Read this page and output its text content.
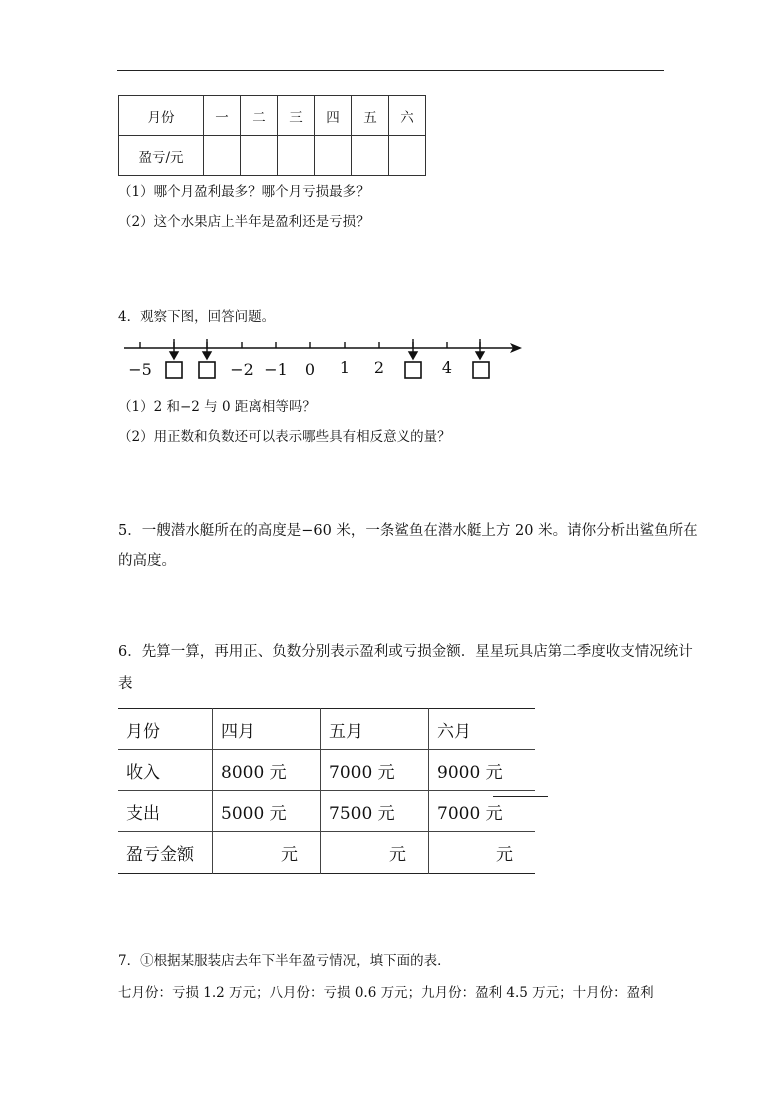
月份	一	二	三	四	五	六
盈亏/元						
（1）哪个月盈利最多？哪个月亏损最多？
（2）这个水果店上半年是盈利还是亏损？
4．观察下图，回答问题。
−5	−2 −1 0 1 2	4
（1）2 和−2 与 0 距离相等吗？
（2）用正数和负数还可以表示哪些具有相反意义的量？
5．一艘潜水艇所在的高度是−60 米，一条鲨鱼在潜水艇上方 20 米。请你分析出鲨鱼所在
的高度。
6．先算一算，再用正、负数分别表示盈利或亏损金额．星星玩具店第二季度收支情况统计
表
月份	四月	五月	六月
收入	8000 元	7000 元	9000 元
支出	5000 元	7500 元	7000 元
盈亏金额	元	元	元
7．①根据某服装店去年下半年盈亏情况，填下面的表．
七月份：亏损 1.2 万元；八月份：亏损 0.6 万元；九月份：盈利 4.5 万元；十月份：盈利
